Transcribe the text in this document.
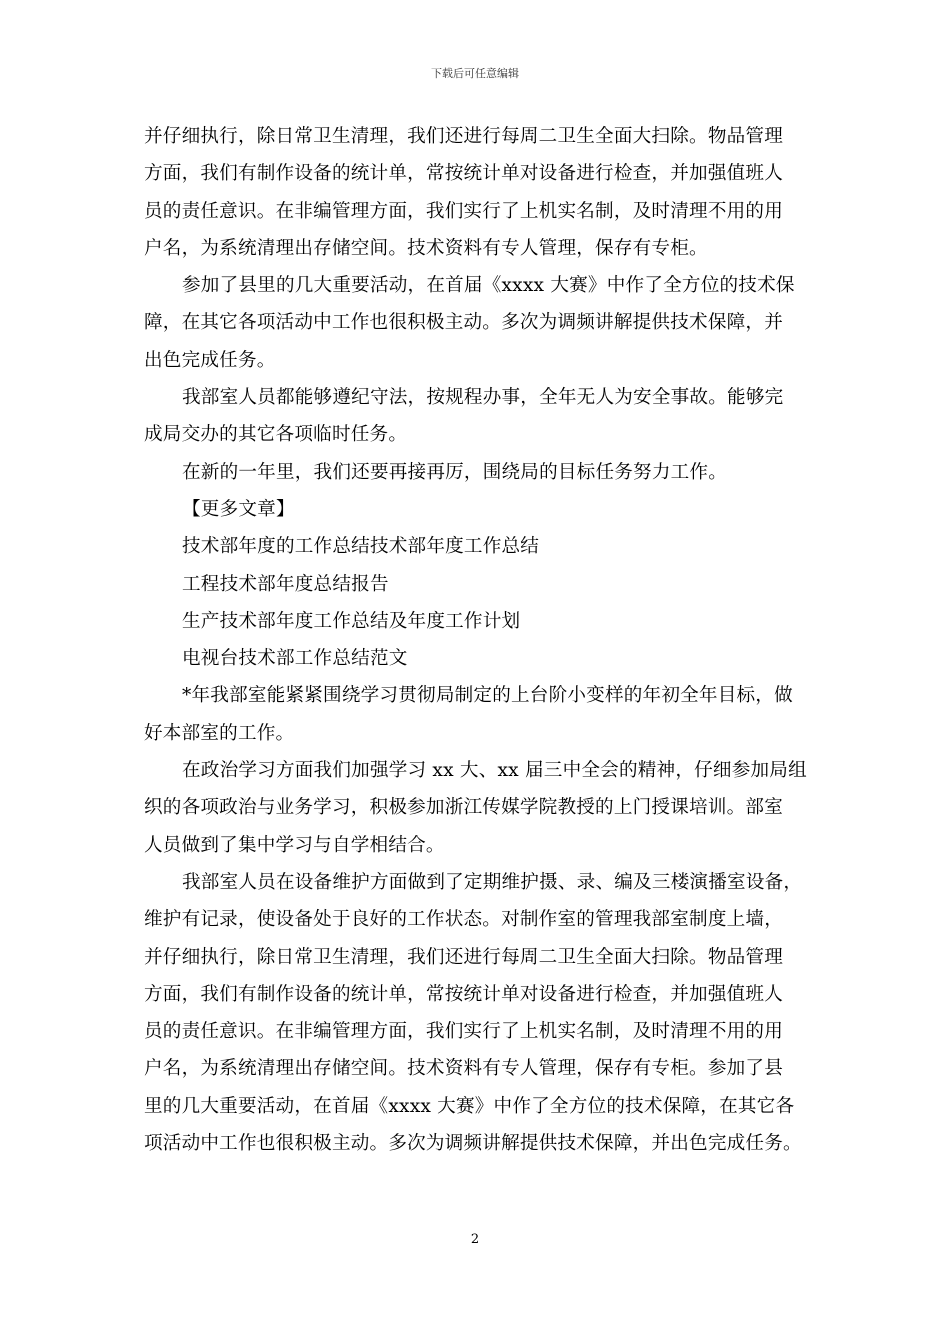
下载后可任意编辑
并仔细执行，除日常卫生清理，我们还进行每周二卫生全面大扫除。物品管理
方面，我们有制作设备的统计单，常按统计单对设备进行检查，并加强值班人
员的责任意识。在非编管理方面，我们实行了上机实名制，及时清理不用的用
户名，为系统清理出存储空间。技术资料有专人管理，保存有专柜。
参加了县里的几大重要活动，在首届《xxxx 大赛》中作了全方位的技术保
障，在其它各项活动中工作也很积极主动。多次为调频讲解提供技术保障，并
出色完成任务。
我部室人员都能够遵纪守法，按规程办事，全年无人为安全事故。能够完
成局交办的其它各项临时任务。
在新的一年里，我们还要再接再厉，围绕局的目标任务努力工作。
【更多文章】
技术部年度的工作总结技术部年度工作总结
工程技术部年度总结报告
生产技术部年度工作总结及年度工作计划
电视台技术部工作总结范文
*年我部室能紧紧围绕学习贯彻局制定的上台阶小变样的年初全年目标，做
好本部室的工作。
在政治学习方面我们加强学习 xx 大、xx 届三中全会的精神，仔细参加局组
织的各项政治与业务学习，积极参加浙江传媒学院教授的上门授课培训。部室
人员做到了集中学习与自学相结合。
我部室人员在设备维护方面做到了定期维护摄、录、编及三楼演播室设备，
维护有记录，使设备处于良好的工作状态。对制作室的管理我部室制度上墙，
并仔细执行，除日常卫生清理，我们还进行每周二卫生全面大扫除。物品管理
方面，我们有制作设备的统计单，常按统计单对设备进行检查，并加强值班人
员的责任意识。在非编管理方面，我们实行了上机实名制，及时清理不用的用
户名，为系统清理出存储空间。技术资料有专人管理，保存有专柜。参加了县
里的几大重要活动，在首届《xxxx 大赛》中作了全方位的技术保障，在其它各
项活动中工作也很积极主动。多次为调频讲解提供技术保障，并出色完成任务。
2
